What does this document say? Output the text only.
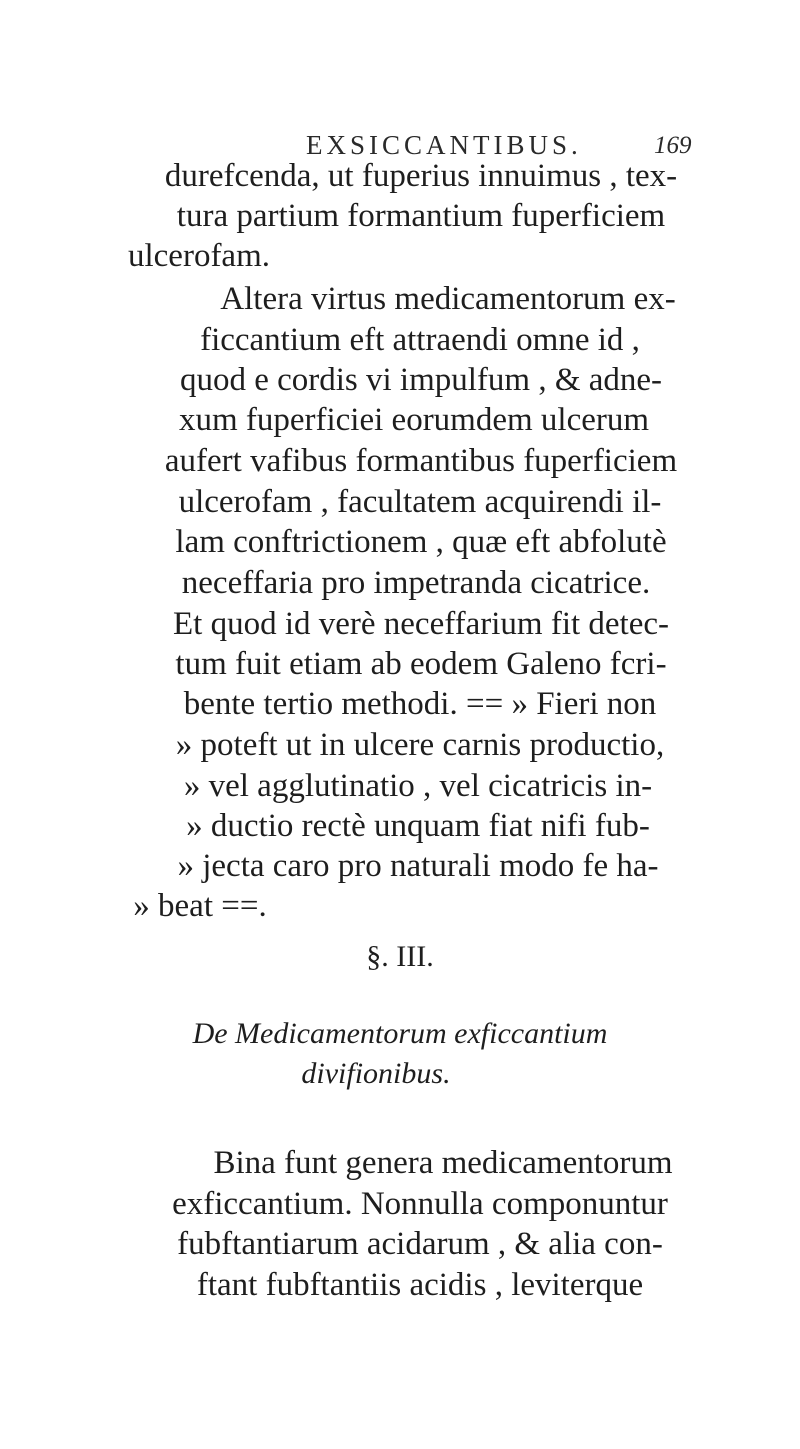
EXSICCANTIBUS.	169
durefcenda, ut fuperius innuimus , tex-
tura partium formantium fuperficiem
ulcerofam.
Altera virtus medicamentorum ex-
ficcantium eft attraendi omne id ,
quod e cordis vi impulfum , & adne-
xum fuperficiei eorumdem ulcerum
aufert vafibus formantibus fuperficiem
ulcerofam , facultatem acquirendi il-
lam conftrictionem , quæ eft abfolutè
neceffaria pro impetranda cicatrice.
Et quod id verè neceffarium fit detec-
tum fuit etiam ab eodem Galeno fcri-
bente tertio methodi. == » Fieri non
» poteft ut in ulcere carnis productio,
» vel agglutinatio , vel cicatricis in-
» ductio rectè unquam fiat nifi fub-
» jecta caro pro naturali modo fe ha-
» beat ==.
§. III.
De Medicamentorum exficcantium
divifionibus.
Bina funt genera medicamentorum
exficcantium. Nonnulla componuntur
fubftantiarum acidarum , & alia con-
ftant fubftantiis acidis , leviterque
